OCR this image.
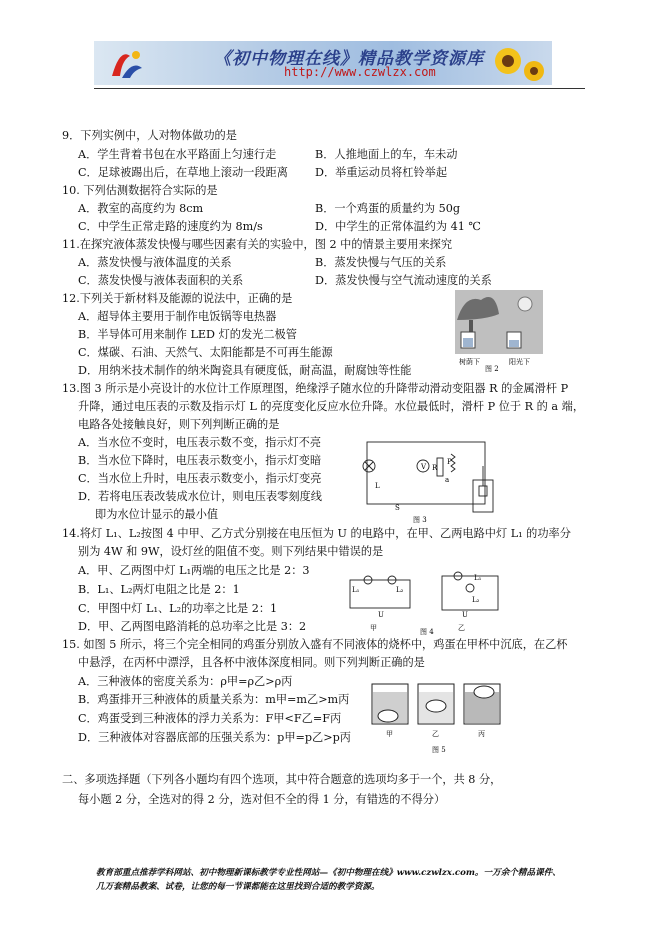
《初中物理在线》精品教学资源库
http://www.czwlzx.com
9．下列实例中，人对物体做功的是
A．学生背着书包在水平路面上匀速行走	B．人推地面上的车，车未动
C．足球被踢出后，在草地上滚动一段距离 D．举重运动员将杠铃举起
10. 下列估测数据符合实际的是
A．教室的高度约为 8cm	B．一个鸡蛋的质量约为 50g
C．中学生正常走路的速度约为 8m/s	D．中学生的正常体温约为 41 ℃
11.在探究液体蒸发快慢与哪些因素有关的实验中，图 2 中的情景主要用来探究
A．蒸发快慢与液体温度的关系	B．蒸发快慢与气压的关系
C．蒸发快慢与液体表面积的关系	D．蒸发快慢与空气流动速度的关系
12.下列关于新材料及能源的说法中，正确的是
A．超导体主要用于制作电饭锅等电热器
B．半导体可用来制作 LED 灯的发光二极管
C．煤碳、石油、天然气、太阳能都是不可再生能源
D．用纳米技术制作的纳米陶瓷具有硬度低，耐高温，耐腐蚀等性能
13.图 3 所示是小亮设计的水位计工作原理图，绝缘浮子随水位的升降带动滑动变阻器 R 的金属滑杆 P
升降，通过电压表的示数及指示灯 L 的亮度变化反应水位升降。水位最低时，滑杆 P 位于 R 的 a 端，
电路各处接触良好，则下列判断正确的是
A．当水位不变时，电压表示数不变，指示灯不亮
B．当水位下降时，电压表示数变小，指示灯变暗
C．当水位上升时，电压表示数变小，指示灯变亮
D．若将电压表改装成水位计，则电压表零刻度线
即为水位计显示的最小值
14.将灯 L₁、L₂按图 4 中甲、乙方式分别接在电压恒为 U 的电路中，在甲、乙两电路中灯 L₁ 的功率分
别为 4W 和 9W，设灯丝的阻值不变。则下列结果中错误的是
A．甲、乙两图中灯 L₁两端的电压之比是 2：3
B．L₁、L₂两灯电阻之比是 2：1
C．甲图中灯 L₁、L₂的功率之比是 2：1
D．甲、乙两图电路消耗的总功率之比是 3：2
15. 如图 5 所示，将三个完全相同的鸡蛋分别放入盛有不同液体的烧杯中，鸡蛋在甲杯中沉底，在乙杯
中悬浮，在丙杯中漂浮，且各杯中液体深度相同。则下列判断正确的是
A．三种液体的密度关系为：ρ甲=ρ乙>ρ丙
B．鸡蛋排开三种液体的质量关系为：m甲=m乙>m丙
C．鸡蛋受到三种液体的浮力关系为：F甲<F乙=F丙
D．三种液体对容器底部的压强关系为：p甲=p乙>p丙
二、多项选择题（下列各小题均有四个选项，其中符合题意的选项均多于一个，共 8 分，
每小题 2 分，全选对的得 2 分，选对但不全的得 1 分，有错选的不得分）
树荫下	阳光下
图 2
V R
P
a
L
S
图 3
L₁	L₂
U
甲
L₁
L₂
U
乙
图 4
甲	乙	丙
图 5
教育部重点推荐学科网站、初中物理新课标教学专业性网站—《初中物理在线》www.czwlzx.com。一万余个精品课件、
几万套精品教案、试卷，让您的每一节课都能在这里找到合适的教学资源。
